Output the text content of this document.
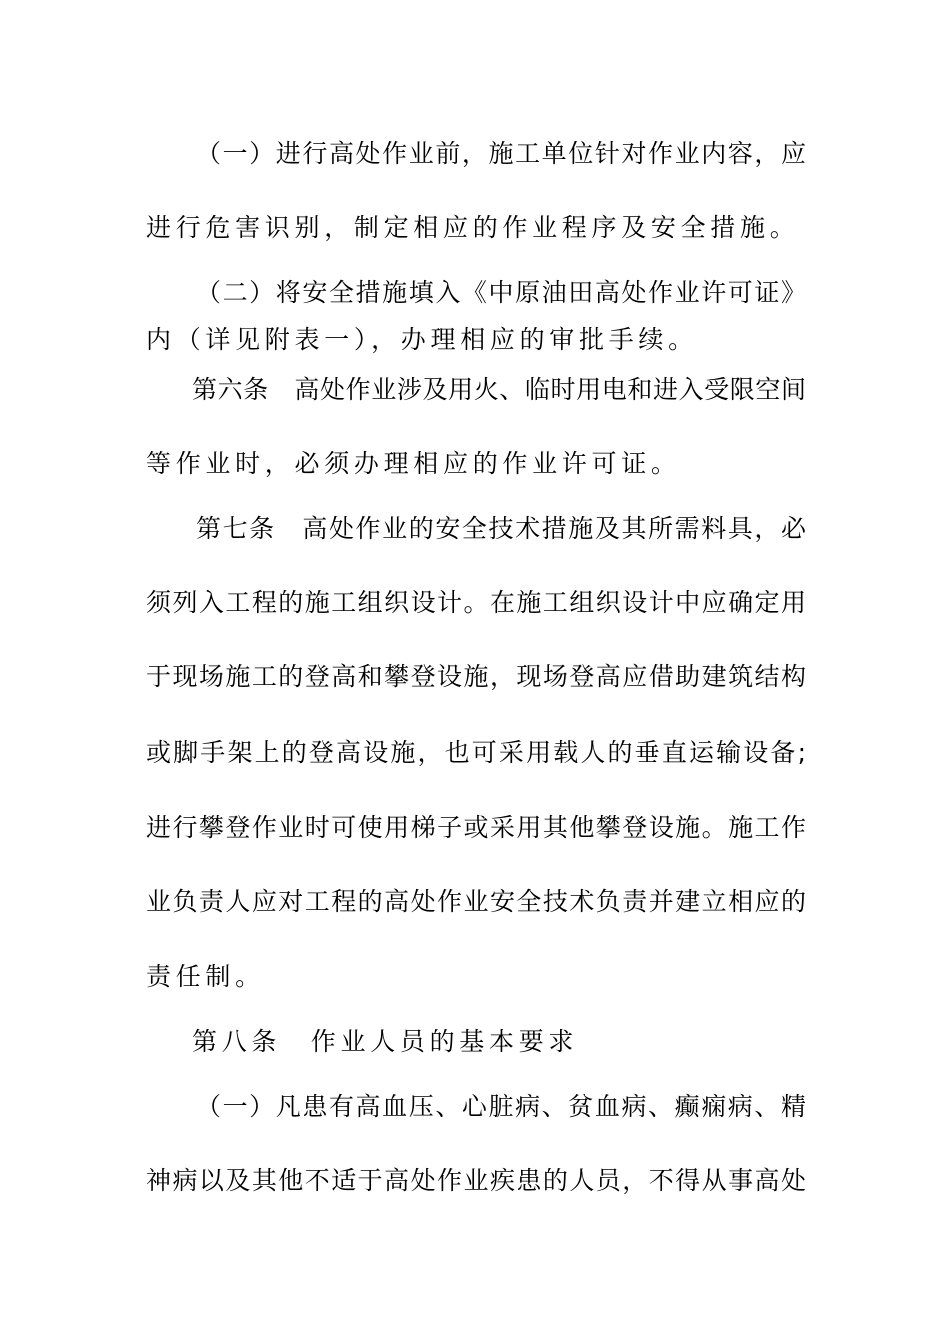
（一）进行高处作业前，施工单位针对作业内容，应
进行危害识别，制定相应的作业程序及安全措施。
（二）将安全措施填入《中原油田高处作业许可证》
内（详见附表一），办理相应的审批手续。
第六条　高处作业涉及用火、临时用电和进入受限空间
等作业时，必须办理相应的作业许可证。
第七条　高处作业的安全技术措施及其所需料具，必
须列入工程的施工组织设计。在施工组织设计中应确定用
于现场施工的登高和攀登设施，现场登高应借助建筑结构
或脚手架上的登高设施，也可采用载人的垂直运输设备;
进行攀登作业时可使用梯子或采用其他攀登设施。施工作
业负责人应对工程的高处作业安全技术负责并建立相应的
责任制。
第八条　作业人员的基本要求
（一）凡患有高血压、心脏病、贫血病、癫痫病、精
神病以及其他不适于高处作业疾患的人员，不得从事高处
